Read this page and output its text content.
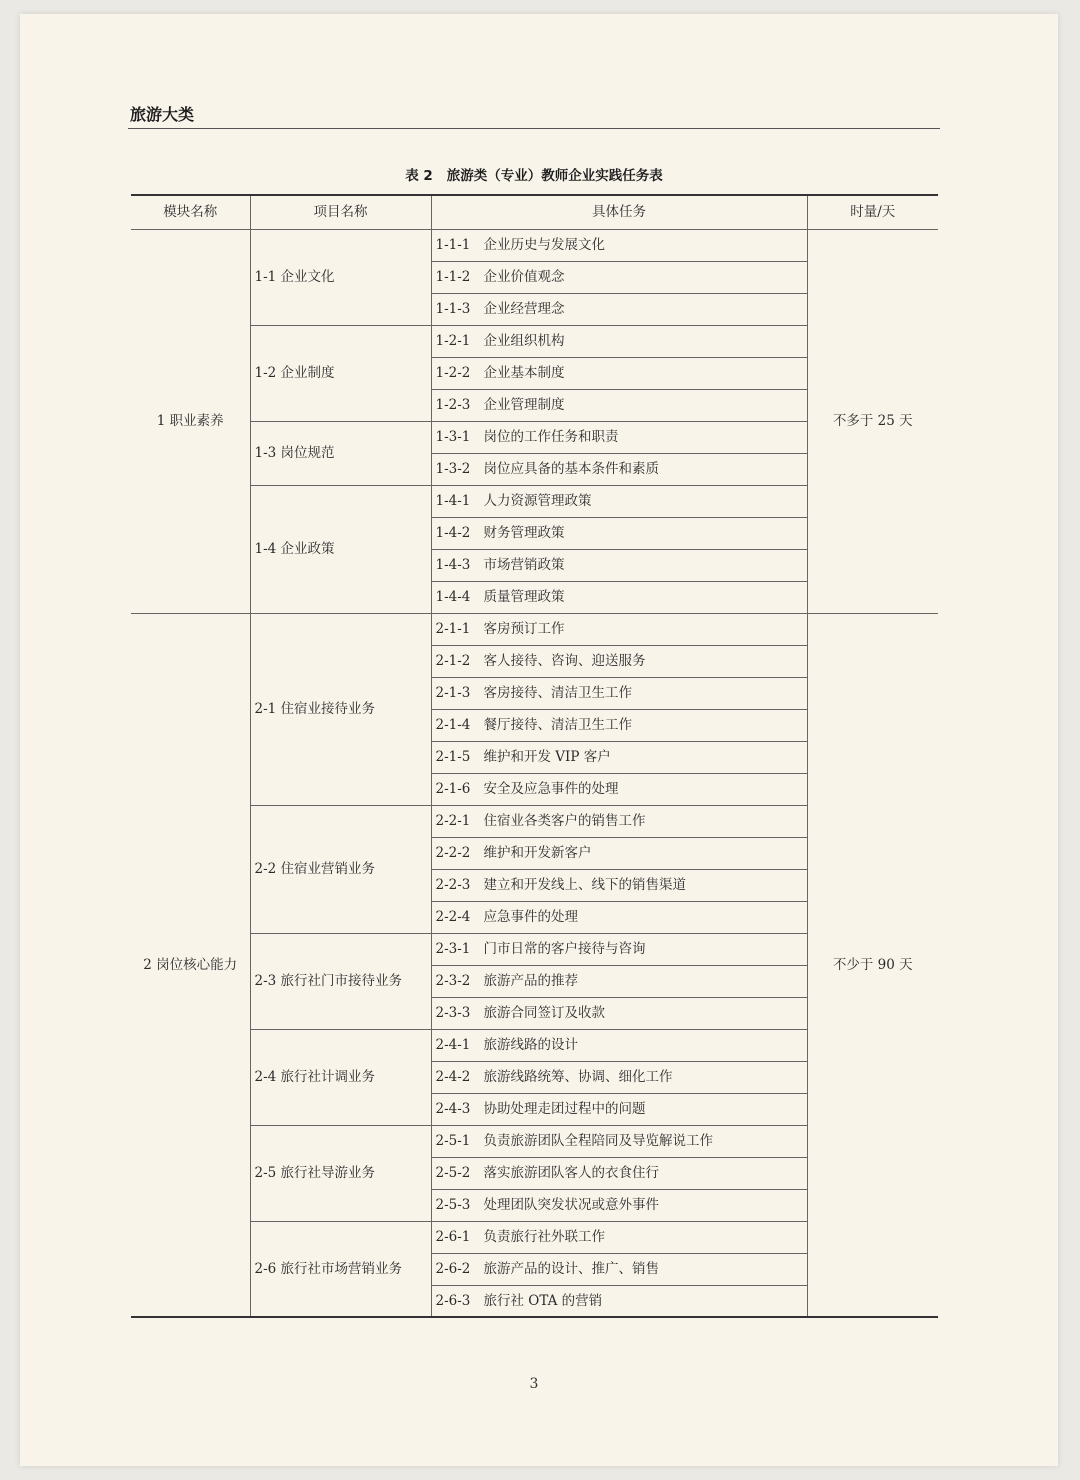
旅游大类
表 2 旅游类（专业）教师企业实践任务表
模块名称	项目名称	具体任务	时量/天
1 职业素养	1-1 企业文化	1-1-1 企业历史与发展文化	不多于 25 天
		1-1-2 企业价值观念	
		1-1-3 企业经营理念	
	1-2 企业制度	1-2-1 企业组织机构	
		1-2-2 企业基本制度	
		1-2-3 企业管理制度	
	1-3 岗位规范	1-3-1 岗位的工作任务和职责	
		1-3-2 岗位应具备的基本条件和素质	
	1-4 企业政策	1-4-1 人力资源管理政策	
		1-4-2 财务管理政策	
		1-4-3 市场营销政策	
		1-4-4 质量管理政策	
2 岗位核心能力	2-1 住宿业接待业务	2-1-1 客房预订工作	不少于 90 天
		2-1-2 客人接待、咨询、迎送服务	
		2-1-3 客房接待、清洁卫生工作	
		2-1-4 餐厅接待、清洁卫生工作	
		2-1-5 维护和开发 VIP 客户	
		2-1-6 安全及应急事件的处理	
	2-2 住宿业营销业务	2-2-1 住宿业各类客户的销售工作	
		2-2-2 维护和开发新客户	
		2-2-3 建立和开发线上、线下的销售渠道	
		2-2-4 应急事件的处理	
	2-3 旅行社门市接待业务	2-3-1 门市日常的客户接待与咨询	
		2-3-2 旅游产品的推荐	
		2-3-3 旅游合同签订及收款	
	2-4 旅行社计调业务	2-4-1 旅游线路的设计	
		2-4-2 旅游线路统筹、协调、细化工作	
		2-4-3 协助处理走团过程中的问题	
	2-5 旅行社导游业务	2-5-1 负责旅游团队全程陪同及导览解说工作	
		2-5-2 落实旅游团队客人的衣食住行	
		2-5-3 处理团队突发状况或意外事件	
	2-6 旅行社市场营销业务	2-6-1 负责旅行社外联工作	
		2-6-2 旅游产品的设计、推广、销售	
		2-6-3 旅行社 OTA 的营销	
3
